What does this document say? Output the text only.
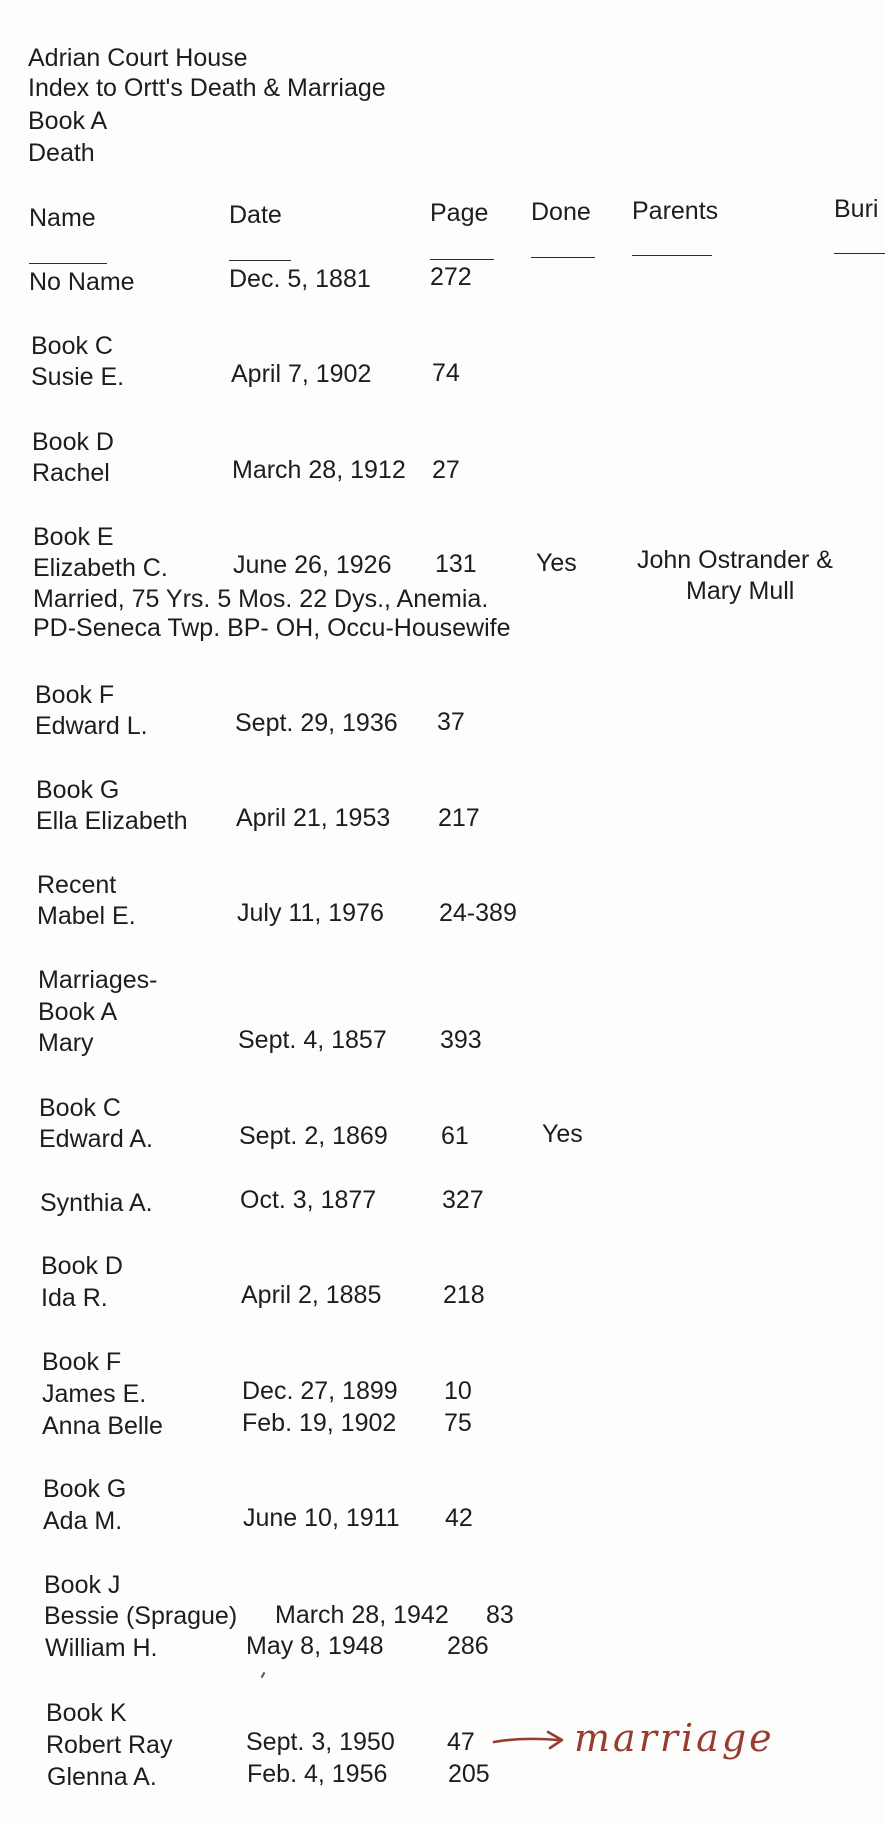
Adrian Court House
Index to Ortt's Death & Marriage
Book A
Death
Name	Date	Page Done Parents	Buri
No Name	Dec. 5, 1881 272
Book C
Susie E.	April 7, 1902 74
Book D
Rachel	March 28, 1912 27
Book E
Elizabeth C.	June 26, 1926 131 Yes John Ostrander &
Mary Mull
Married, 75 Yrs. 5 Mos. 22 Dys., Anemia.
PD-Seneca Twp. BP- OH, Occu-Housewife
Book F
Edward L.	Sept. 29, 1936 37
Book G
Ella Elizabeth April 21, 1953 217
Recent
Mabel E.	July 11, 1976 24-389
Marriages-
Book A
Mary	Sept. 4, 1857 393
Book C
Edward A.	Sept. 2, 1869 61	Yes
Synthia A.	Oct. 3, 1877	327
Book D
Ida R.	April 2, 1885 218
Book F
James E.	Dec. 27, 1899 10
Anna Belle	Feb. 19, 1902 75
Book G
Ada M.	June 10, 1911 42
Book J
Bessie (Sprague) March 28, 1942 83
William H.	May 8, 1948	286
Book K
Robert Ray	Sept. 3, 1950 47
Glenna A.	Feb. 4, 1956 205
marriage
